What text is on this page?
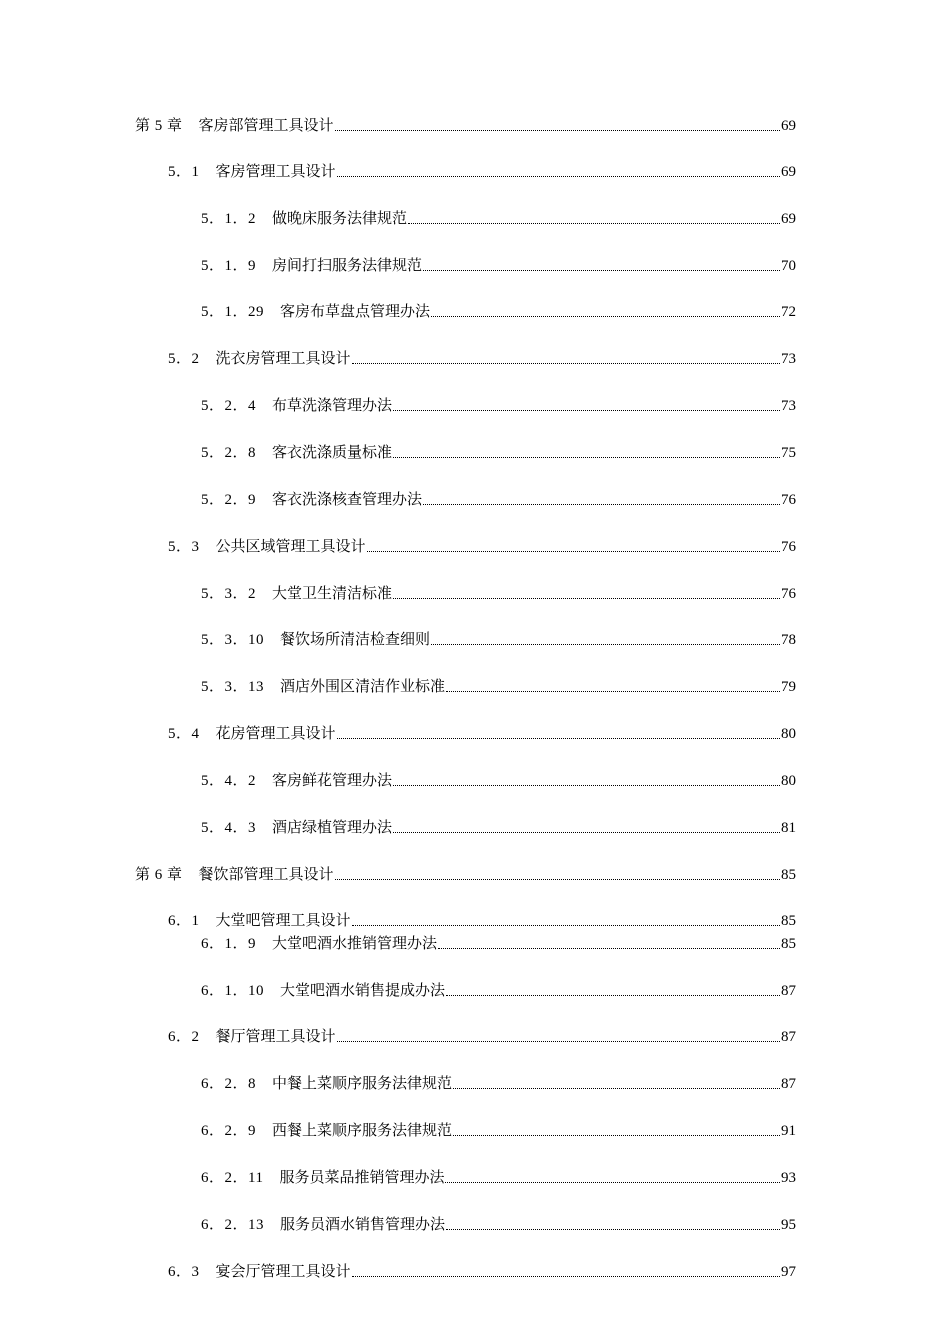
第 5 章 客房部管理工具设计	69
5．1 客房管理工具设计	69
5．1．2 做晚床服务法律规范	69
5．1．9 房间打扫服务法律规范	70
5．1．29 客房布草盘点管理办法	72
5．2 洗衣房管理工具设计	73
5．2．4 布草洗涤管理办法	73
5．2．8 客衣洗涤质量标准	75
5．2．9 客衣洗涤核查管理办法	76
5．3 公共区域管理工具设计	76
5．3．2 大堂卫生清洁标准	76
5．3．10 餐饮场所清洁检查细则	78
5．3．13 酒店外围区清洁作业标准	79
5．4 花房管理工具设计	80
5．4．2 客房鲜花管理办法	80
5．4．3 酒店绿植管理办法	81
第 6 章 餐饮部管理工具设计	85
6．1 大堂吧管理工具设计	85
6．1．9 大堂吧酒水推销管理办法	85
6．1．10 大堂吧酒水销售提成办法	87
6．2 餐厅管理工具设计	87
6．2．8 中餐上菜顺序服务法律规范	87
6．2．9 西餐上菜顺序服务法律规范	91
6．2．11 服务员菜品推销管理办法	93
6．2．13 服务员酒水销售管理办法	95
6．3 宴会厅管理工具设计	97
